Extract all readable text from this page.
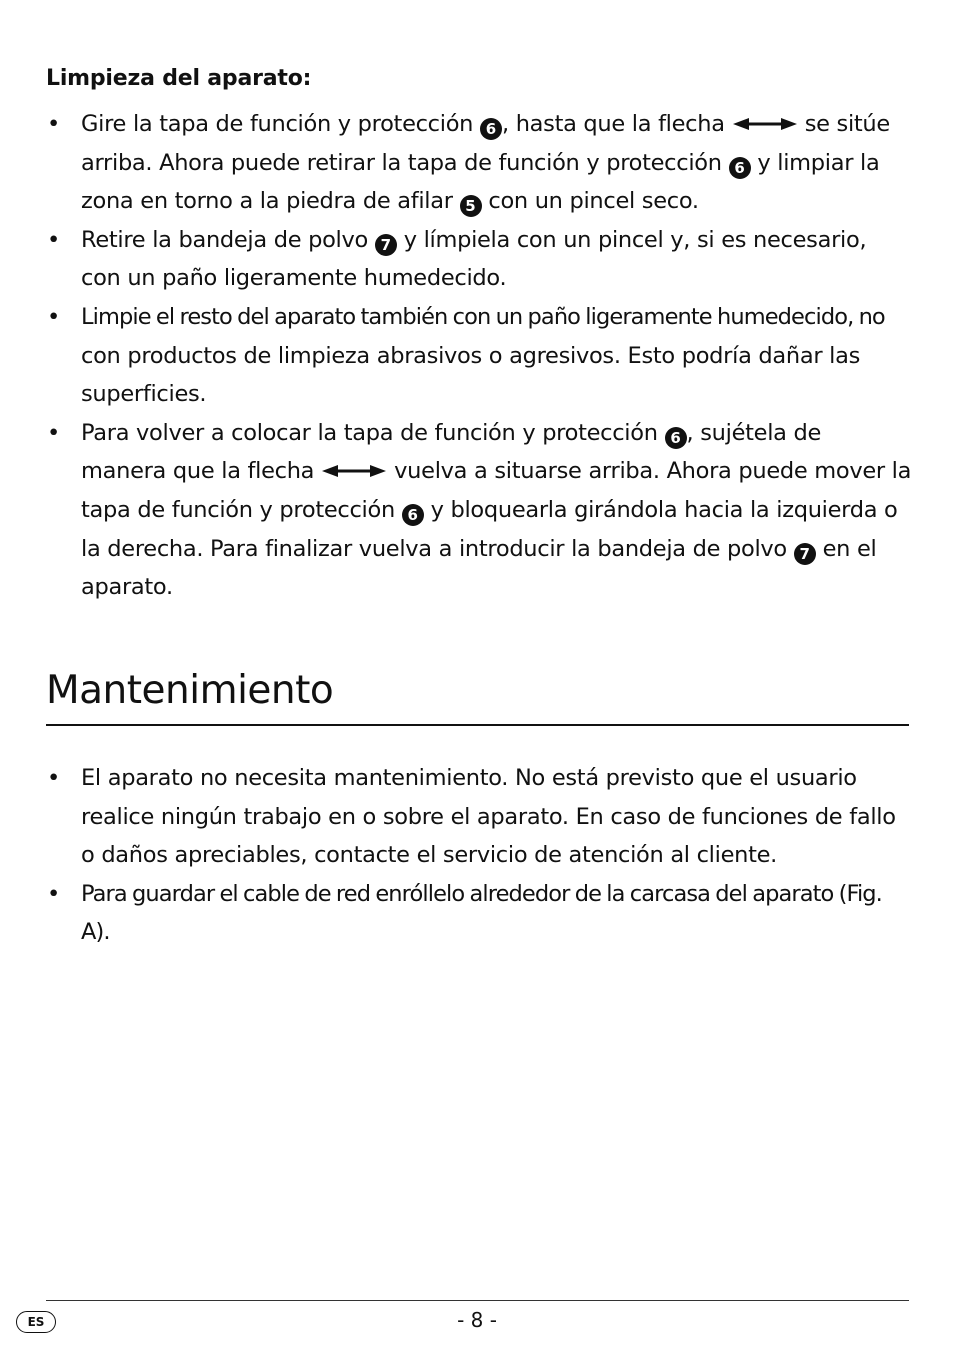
Limpieza del aparato:
• Gire la tapa de función y protección 6 , hasta que la flecha	se sitúe arriba. Ahora puede retirar la tapa de función y protección 6 y limpiar la zona en torno a la piedra de afilar 5 con un pincel seco.
• Retire la bandeja de polvo 7 y límpiela con un pincel y, si es necesario, con un paño ligeramente humedecido.
• Limpie el resto del aparato también con un paño ligeramente humedecido, no
con productos de limpieza abrasivos o agresivos. Esto podría dañar las superficies.
• Para volver a colocar la tapa de función y protección 6 , sujétela de manera que la flecha	vuelva a situarse arriba. Ahora puede mover la tapa de función y protección 6 y bloquearla girándola hacia la izquierda o la derecha. Para finalizar vuelva a introducir la bandeja de polvo 7 en el aparato.
Mantenimiento
• El aparato no necesita mantenimiento. No está previsto que el usuario realice ningún trabajo en o sobre el aparato. En caso de funciones de fallo o daños apreciables, contacte el servicio de atención al cliente.
• Para guardar el cable de red enróllelo alrededor de la carcasa del aparato (Fig. A).
ES	- 8 -
